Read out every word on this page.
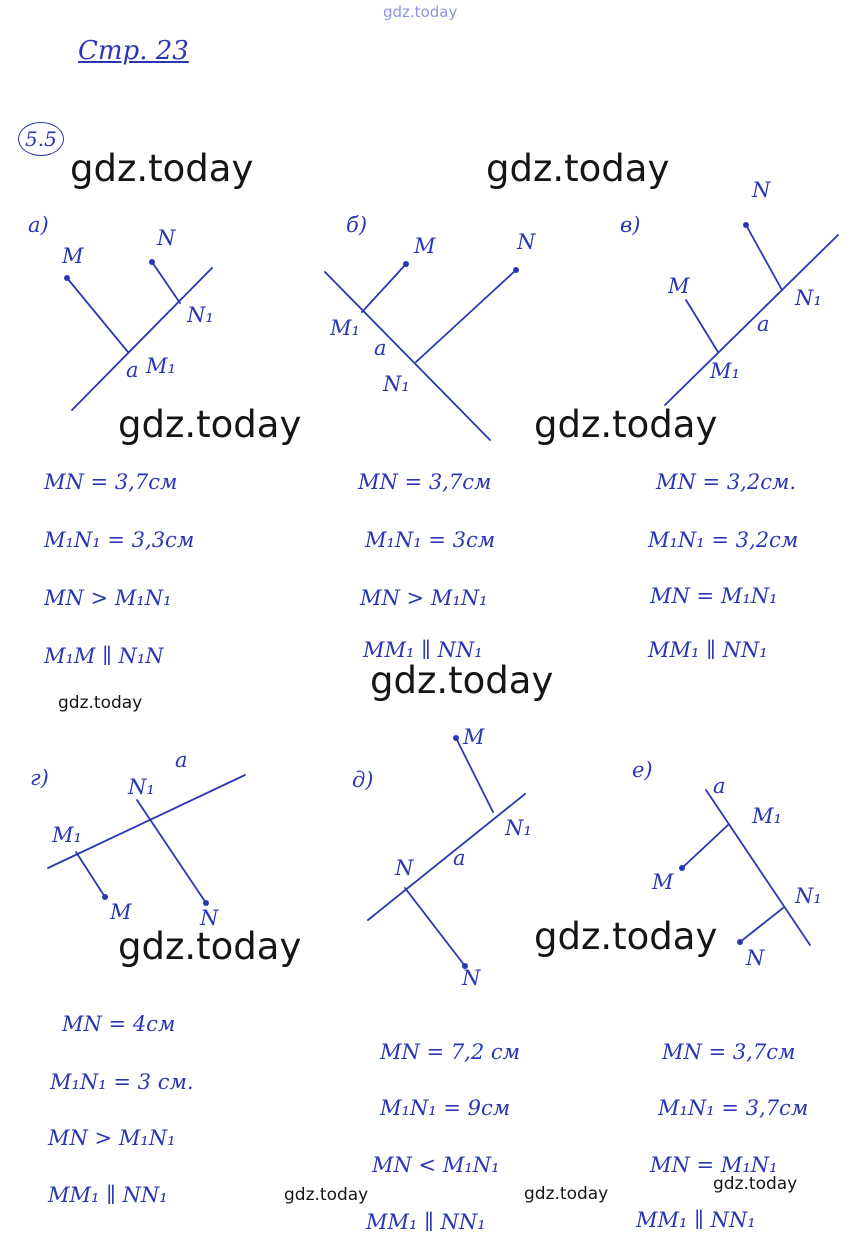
gdz.today
Стр. 23
5.5
а)
M
N
N₁
a M₁
б)
M	N
M₁
a
N₁
в)
N
M	N₁
a
M₁
г)	N₁
a
M₁
M	N
д)
M
N₁
a
N
N
е)
a
M₁
M
N₁
N
MN = 3,7см
M₁N₁ = 3,3см
MN > M₁N₁
M₁M ∥ N₁N
MN = 3,7см
M₁N₁ = 3см
MN > M₁N₁
MM₁ ∥ NN₁
MN = 3,2см.
M₁N₁ = 3,2см
MN = M₁N₁
MM₁ ∥ NN₁
MN = 4см
M₁N₁ = 3 см.
MN > M₁N₁
MM₁ ∥ NN₁
MN = 7,2 см
M₁N₁ = 9см
MN < M₁N₁
MM₁ ∥ NN₁
MN = 3,7см
M₁N₁ = 3,7см
MN = M₁N₁
MM₁ ∥ NN₁
gdz.today	gdz.today
gdz.today	gdz.today
gdz.today
gdz.today
gdz.today	gdz.today
gdz.today	gdz.today	gdz.today
